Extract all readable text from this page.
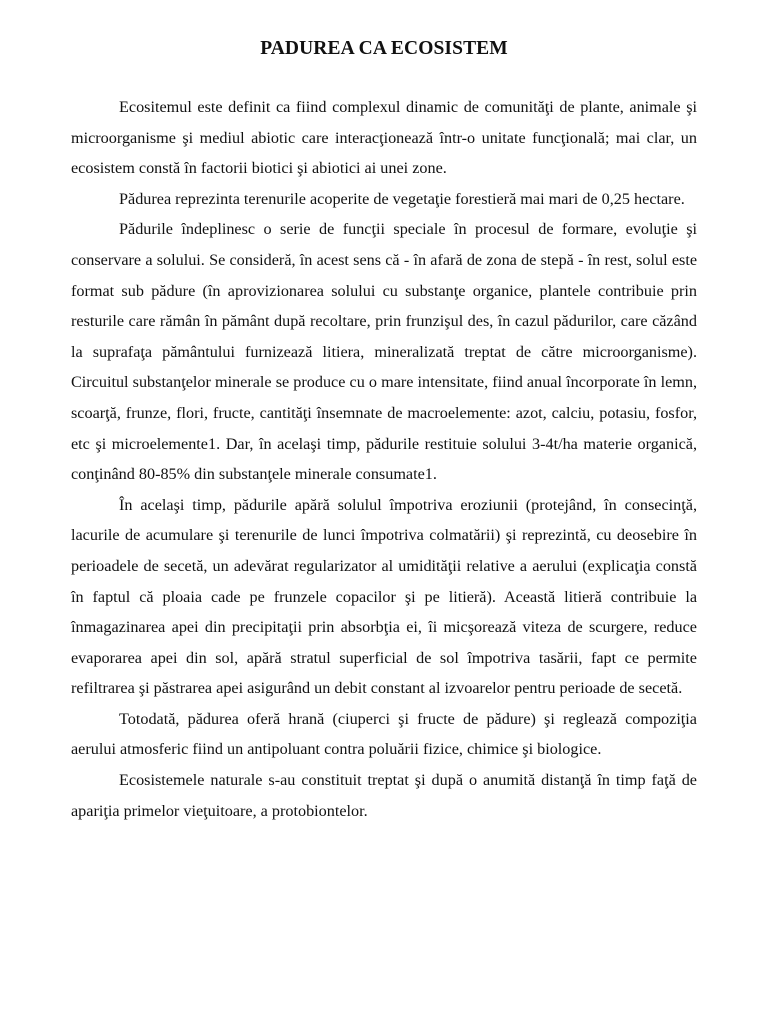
PADUREA CA ECOSISTEM

Ecositemul este definit ca fiind complexul dinamic de comunităţi de plante, animale şi microorganisme şi mediul abiotic care interacţionează într-o unitate funcţională; mai clar, un ecosistem constă în factorii biotici şi abiotici ai unei zone.

Pădurea reprezinta terenurile acoperite de vegetaţie forestieră mai mari de 0,25 hectare.

Pădurile îndeplinesc o serie de funcţii speciale în procesul de formare, evoluţie şi conservare a solului. Se consideră, în acest sens că - în afară de zona de stepă - în rest, solul este format sub pădure (în aprovizionarea solului cu substanţe organice, plantele contribuie prin resturile care rămân în pământ după recoltare, prin frunzişul des, în cazul pădurilor, care căzând la suprafaţa pământului furnizează litiera, mineralizată treptat de către microorganisme). Circuitul substanţelor minerale se produce cu o mare intensitate, fiind anual încorporate în lemn, scoarţă, frunze, flori, fructe, cantităţi însemnate de macroelemente: azot, calciu, potasiu, fosfor, etc şi microelemente1. Dar, în acelaşi timp, pădurile restituie solului 3-4t/ha materie organică, conţinând 80-85% din substanţele minerale consumate1.

În acelaşi timp, pădurile apără solulul împotriva eroziunii (protejând, în consecinţă, lacurile de acumulare şi terenurile de lunci împotriva colmatării) şi reprezintă, cu deosebire în perioadele de secetă, un adevărat regularizator al umidităţii relative a aerului (explicaţia constă în faptul că ploaia cade pe frunzele copacilor şi pe litieră). Această litieră contribuie la înmagazinarea apei din precipitaţii prin absorbţia ei, îi micşorează viteza de scurgere, reduce evaporarea apei din sol, apără stratul superficial de sol împotriva tasării, fapt ce permite refiltrarea şi păstrarea apei asigurând un debit constant al izvoarelor pentru perioade de secetă.

Totodată, pădurea oferă hrană (ciuperci şi fructe de pădure) şi reglează compoziţia aerului atmosferic fiind un antipoluant contra poluării fizice, chimice şi biologice.

Ecosistemele naturale s-au constituit treptat şi după o anumită distanţă în timp faţă de apariţia primelor vieţuitoare, a protobiontelor.
